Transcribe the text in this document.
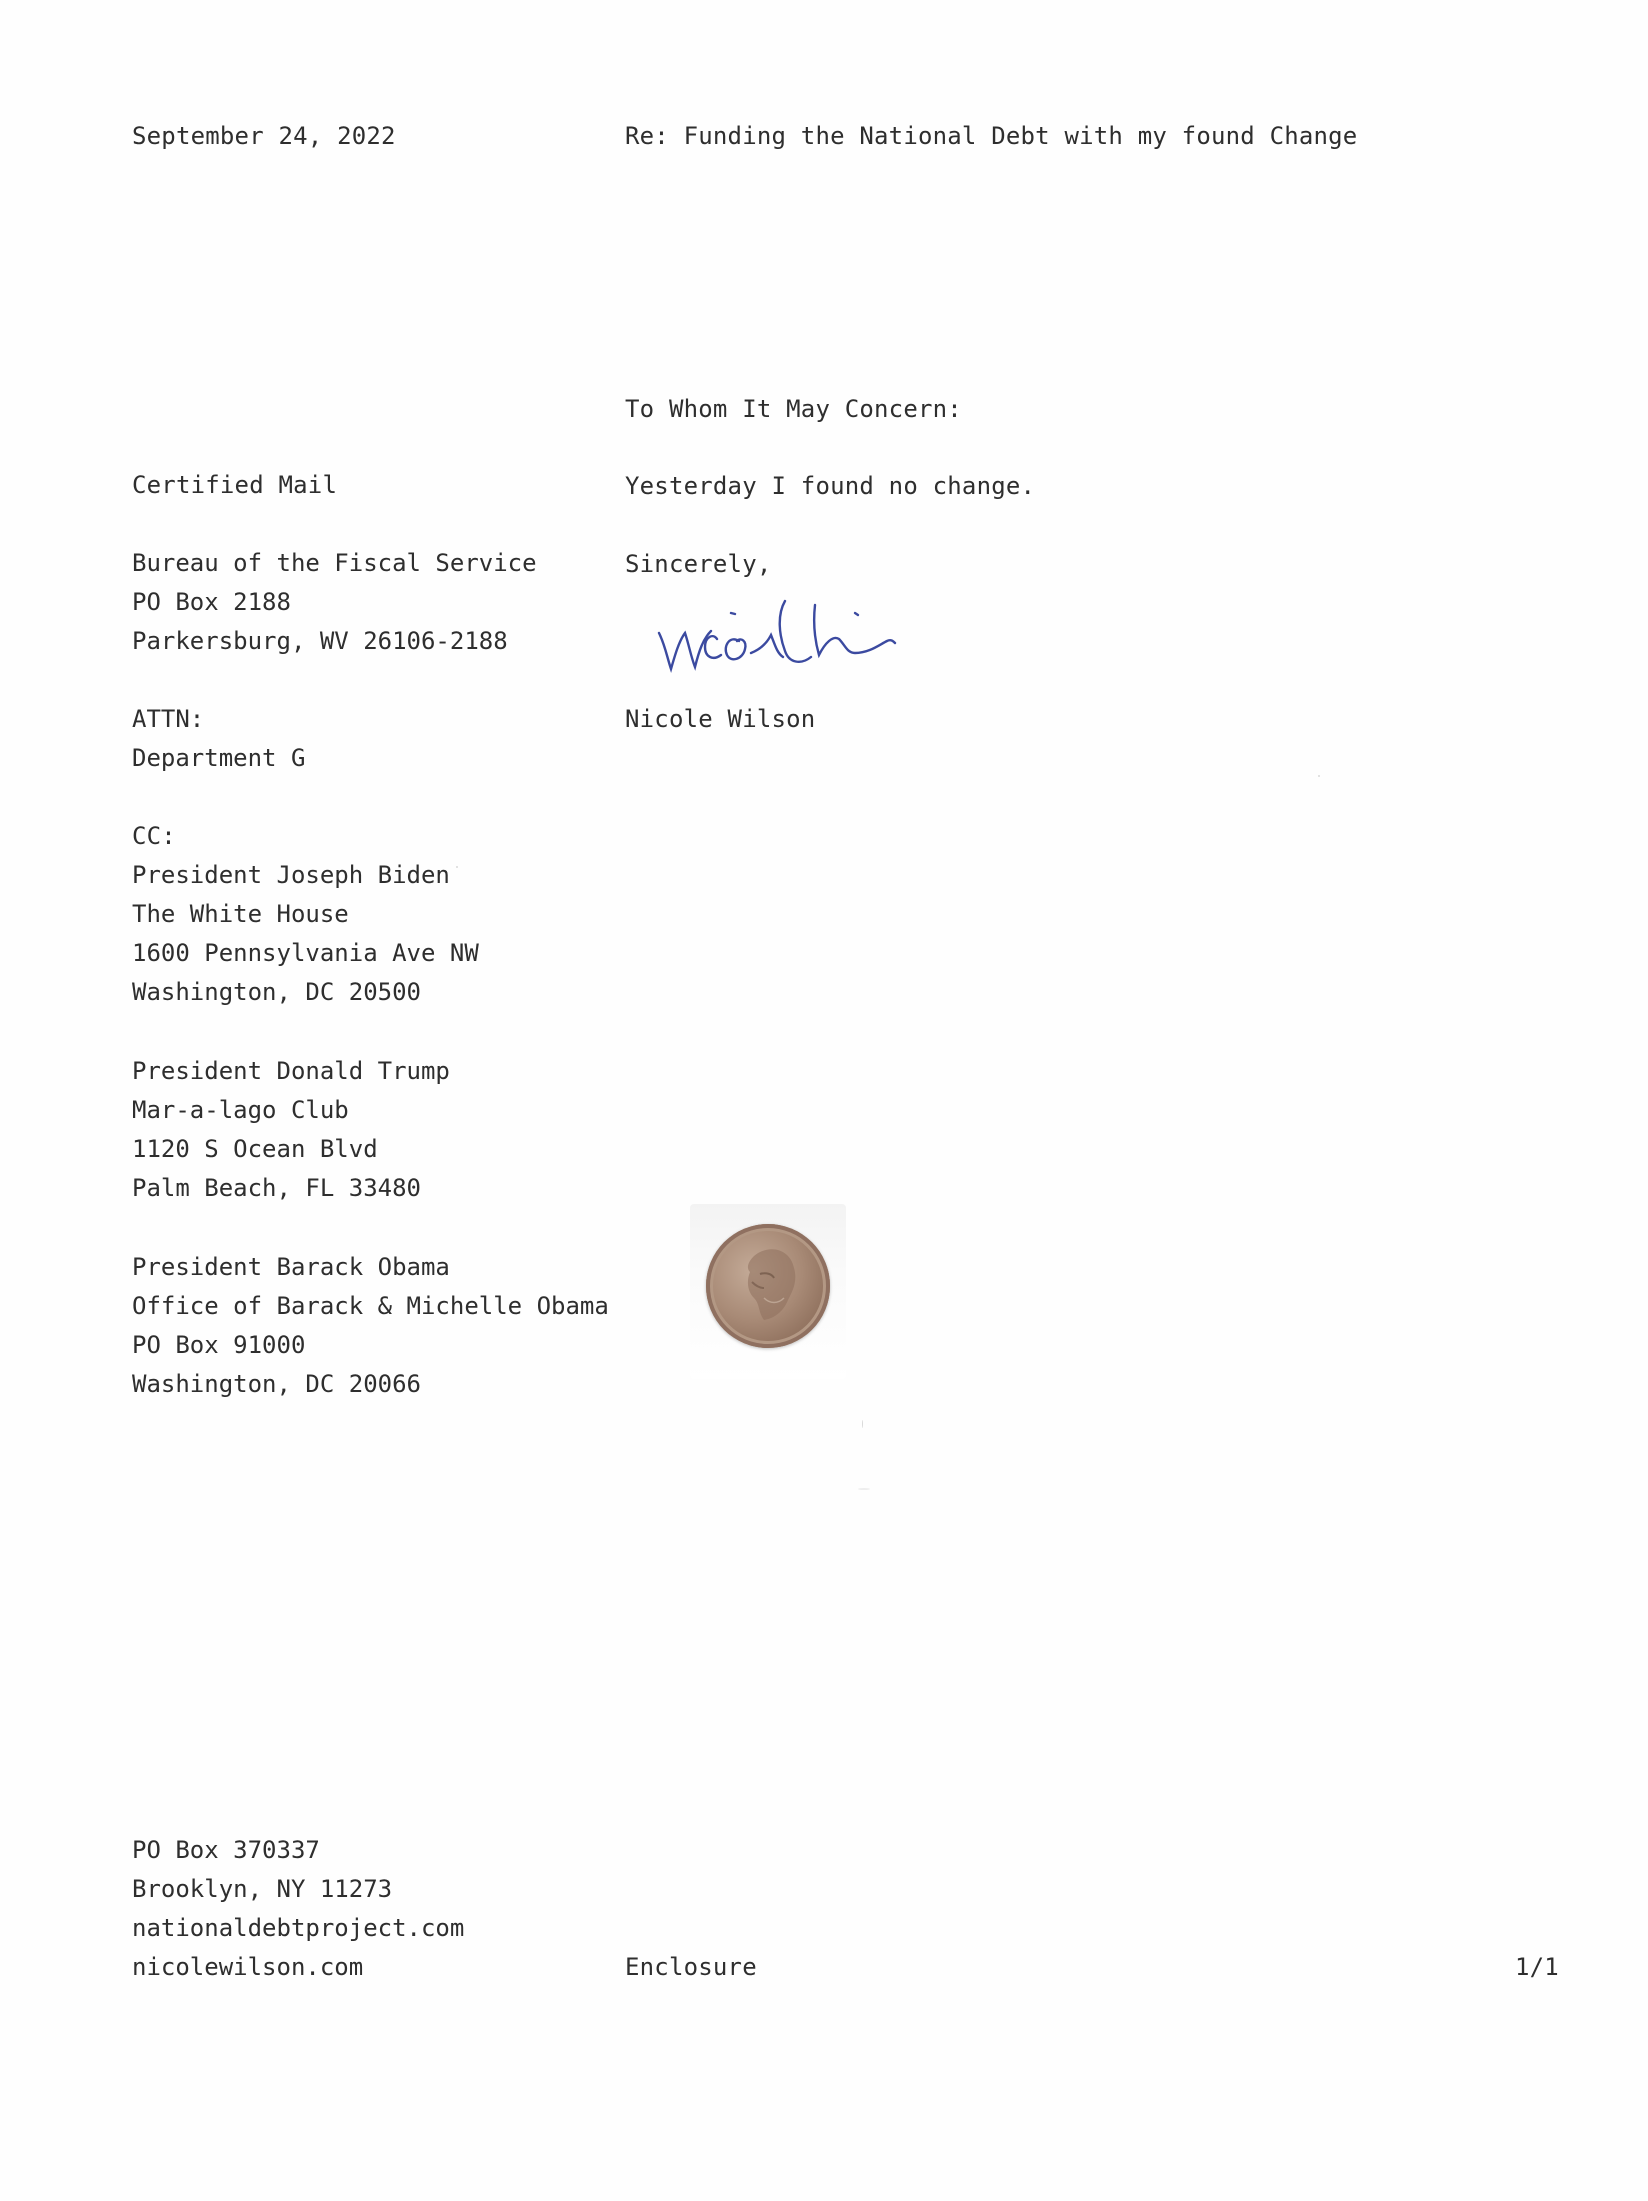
September 24, 2022	Re: Funding the National Debt with my found Change
To Whom It May Concern:
Yesterday I found no change.
Sincerely,
Nicole Wilson
Certified Mail
Bureau of the Fiscal Service
PO Box 2188
Parkersburg, WV 26106-2188
ATTN:
Department G
CC:
President Joseph Biden
The White House
1600 Pennsylvania Ave NW
Washington, DC 20500
President Donald Trump
Mar-a-lago Club
1120 S Ocean Blvd
Palm Beach, FL 33480
President Barack Obama
Office of Barack & Michelle Obama
PO Box 91000
Washington, DC 20066
PO Box 370337
Brooklyn, NY 11273
nationaldebtproject.com
nicolewilson.com	Enclosure	1/1
